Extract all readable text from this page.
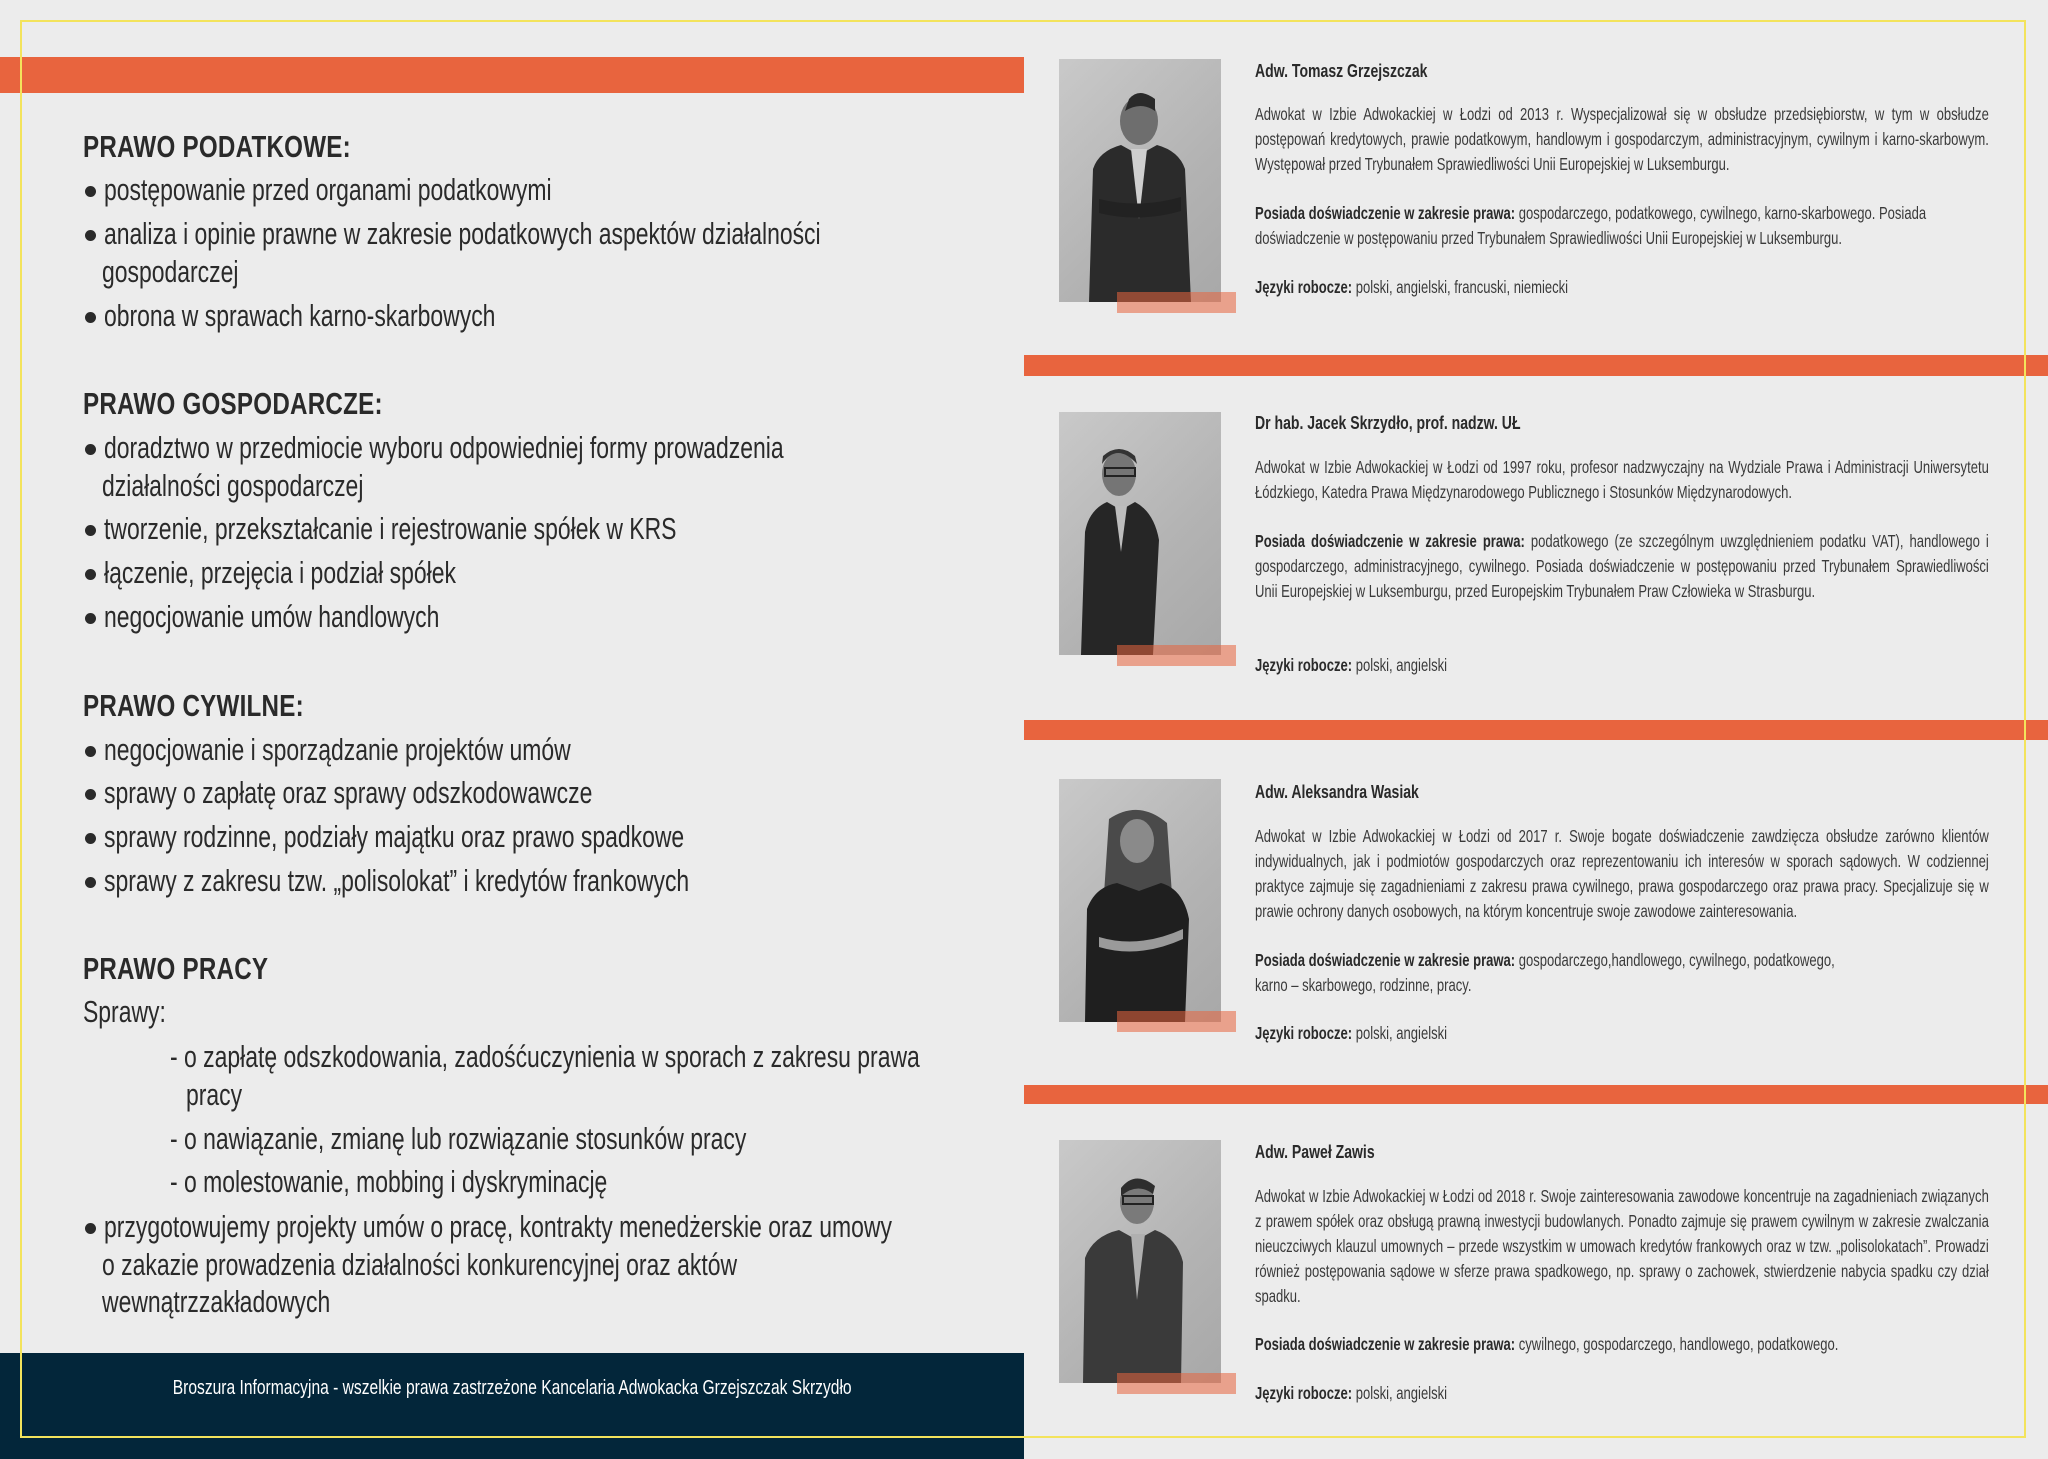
PRAWO PODATKOWE:
postępowanie przed organami podatkowymi
analiza i opinie prawne w zakresie podatkowych aspektów działalności
gospodarczej
obrona w sprawach karno-skarbowych
PRAWO GOSPODARCZE:
doradztwo w przedmiocie wyboru odpowiedniej formy prowadzenia
działalności gospodarczej
tworzenie, przekształcanie i rejestrowanie spółek w KRS
łączenie, przejęcia i podział spółek
negocjowanie umów handlowych
PRAWO CYWILNE:
negocjowanie i sporządzanie projektów umów
sprawy o zapłatę oraz sprawy odszkodowawcze
sprawy rodzinne, podziały majątku oraz prawo spadkowe
sprawy z zakresu tzw. „polisolokat” i kredytów frankowych
PRAWO PRACY
Sprawy:
- o zapłatę odszkodowania, zadośćuczynienia w sporach z zakresu prawa
pracy
- o nawiązanie, zmianę lub rozwiązanie stosunków pracy
- o molestowanie, mobbing i dyskryminację
przygotowujemy projekty umów o pracę, kontrakty menedżerskie oraz umowy
o zakazie prowadzenia działalności konkurencyjnej oraz aktów
wewnątrzzakładowych
Broszura Informacyjna - wszelkie prawa zastrzeżone Kancelaria Adwokacka Grzejszczak Skrzydło
Adw. Tomasz Grzejszczak
Adwokat w Izbie Adwokackiej w Łodzi od 2013 r. Wyspecjalizował się w obsłudze przedsiębiorstw, w tym w obsłudze postępowań kredytowych, prawie podatkowym, handlowym i gospodarczym, administracyjnym, cywilnym i karno-skarbowym. Występował przed Trybunałem Sprawiedliwości Unii Europejskiej w Luksemburgu.
Posiada doświadczenie w zakresie prawa: gospodarczego, podatkowego, cywilnego, karno-skarbowego. Posiada doświadczenie w postępowaniu przed Trybunałem Sprawiedliwości Unii Europejskiej w Luksemburgu.
Języki robocze: polski, angielski, francuski, niemiecki
Dr hab. Jacek Skrzydło, prof. nadzw. UŁ
Adwokat w Izbie Adwokackiej w Łodzi od 1997 roku, profesor nadzwyczajny na Wydziale Prawa i Administracji Uniwersytetu Łódzkiego, Katedra Prawa Międzynarodowego Publicznego i Stosunków Międzynarodowych.
Posiada doświadczenie w zakresie prawa: podatkowego (ze szczególnym uwzględnieniem podatku VAT), handlowego i gospodarczego, administracyjnego, cywilnego. Posiada doświadczenie w postępowaniu przed Trybunałem Sprawiedliwości Unii Europejskiej w Luksemburgu, przed Europejskim Trybunałem Praw Człowieka w Strasburgu.
Języki robocze: polski, angielski
Adw. Aleksandra Wasiak
Adwokat w Izbie Adwokackiej w Łodzi od 2017 r. Swoje bogate doświadczenie zawdzięcza obsłudze zarówno klientów indywidualnych, jak i podmiotów gospodarczych oraz reprezentowaniu ich interesów w sporach sądowych. W codziennej praktyce zajmuje się zagadnieniami z zakresu prawa cywilnego, prawa gospodarczego oraz prawa pracy. Specjalizuje się w prawie ochrony danych osobowych, na którym koncentruje swoje zawodowe zainteresowania.
Posiada doświadczenie w zakresie prawa: gospodarczego,handlowego, cywilnego, podatkowego,
karno – skarbowego, rodzinne, pracy.
Języki robocze: polski, angielski
Adw. Paweł Zawis
Adwokat w Izbie Adwokackiej w Łodzi od 2018 r. Swoje zainteresowania zawodowe koncentruje na zagadnieniach związanych z prawem spółek oraz obsługą prawną inwestycji budowlanych. Ponadto zajmuje się prawem cywilnym w zakresie zwalczania nieuczciwych klauzul umownych – przede wszystkim w umowach kredytów frankowych oraz w tzw. „polisolokatach”. Prowadzi również postępowania sądowe w sferze prawa spadkowego, np. sprawy o zachowek, stwierdzenie nabycia spadku czy dział spadku.
Posiada doświadczenie w zakresie prawa: cywilnego, gospodarczego, handlowego, podatkowego.
Języki robocze: polski, angielski
